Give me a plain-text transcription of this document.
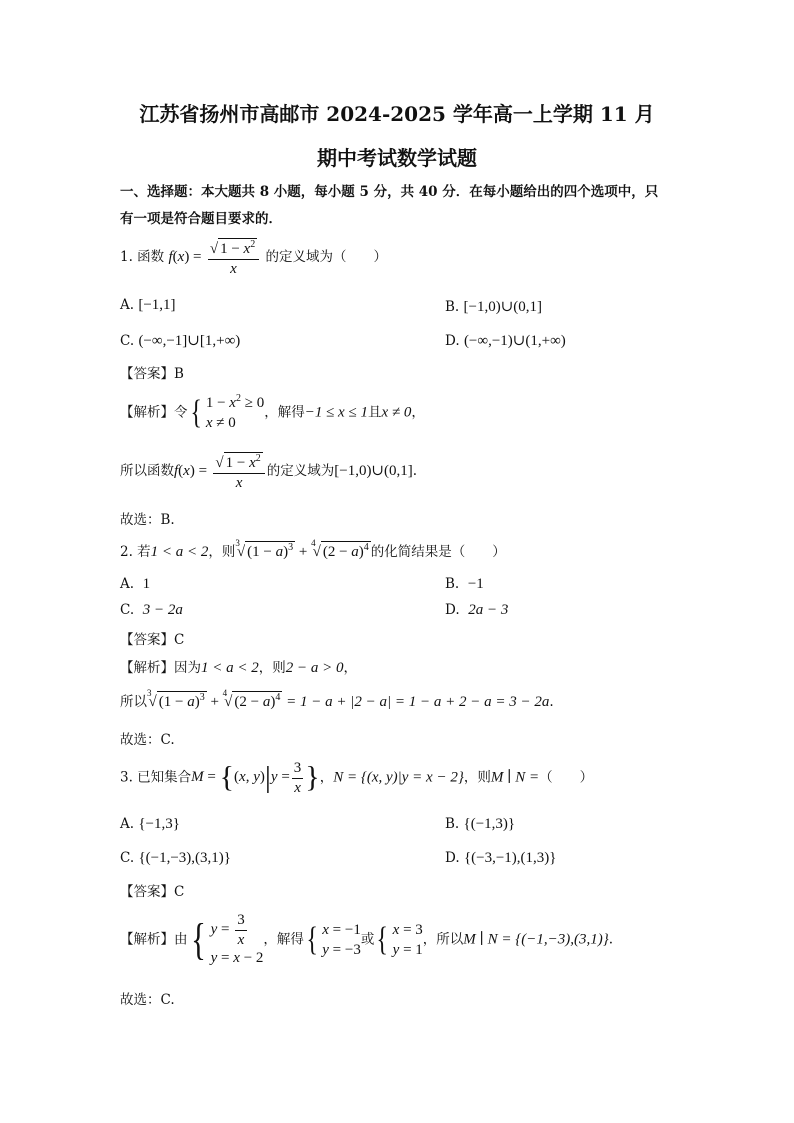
江苏省扬州市高邮市 2024-2025 学年高一上学期 11 月
期中考试数学试题
一、选择题：本大题共 8 小题，每小题 5 分，共 40 分．在每小题给出的四个选项中，只
有一项是符合题目要求的．
1. 函数 $f(x) = \frac{√ 1 - x^2}{x}$ 的定义域为（　　）
A. [−1,1]	B. [−1,0)∪(0,1]
C. (−∞,−1]∪[1,+∞)	D. (−∞,−1)∪(1,+∞)
【答案】B
【解析】令 { $1 - x^2 \ge 0$
x ≠ 0
，解得−1 ≤ x ≤ 1且x ≠ 0，
所以函数$f(x) = \frac{√ 1 - x^2}{x}$ 的定义域为[−1,0)∪(0,1].
故选：B.
2. 若1 < a < 2，则$^3$√ $(1 - a)^3 + ^4√$ $(2 - a)^4$ 的化简结果是（　　）
A. 1	B. −1
C. 3 − 2a	D. 2a − 3
【答案】C
【解析】因为1 < a < 2，则2 − a > 0，
所以$^3$√ $(1 - a)^3 + ^4√$ $(2 - a)^4 = 1 - a + |2 - a| = 1 - a + 2 - a = 3 - 2a$.
故选：C.
3. 已知集合M = {(x, $y)|y = \frac{3}{x}$ }，N = {(x, y)|y = x − 2}，则M ∣ N =（　　）
A. {−1,3}	B. {(−1,3)}
C. {(−1,−3),(3,1)}	D. {(−3,−1),(1,3)}
【答案】C
【解析】由 { $y = \frac{3}{x}$
y = x − 2
，解得 { x = −1
y = −3
或 { x = 3
y = 1
，所以M ∣ N = {(−1,−3),(3,1)}.
故选：C.
